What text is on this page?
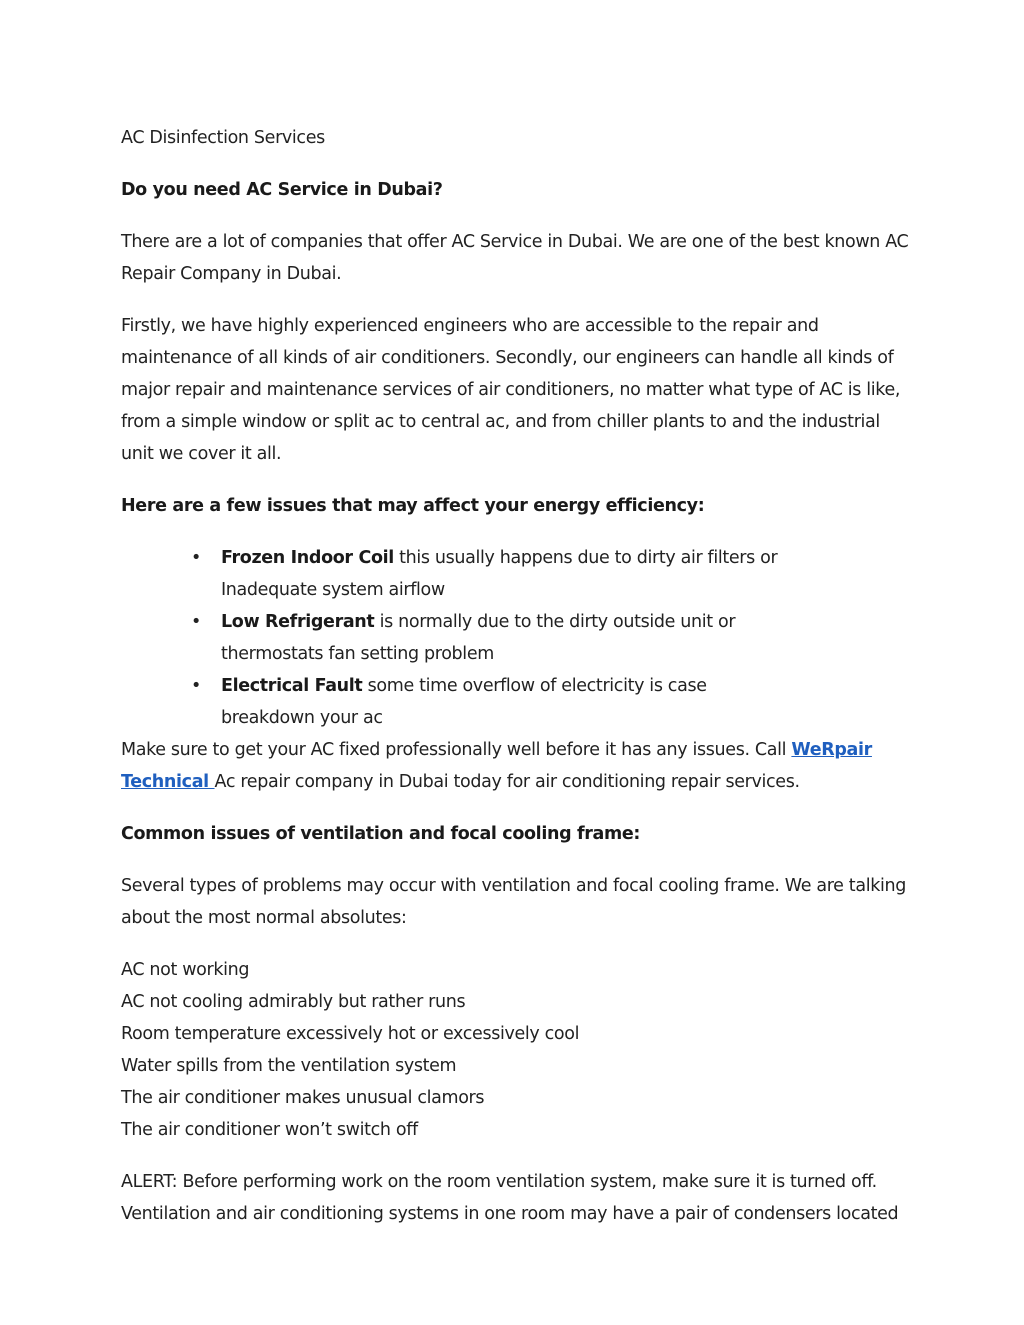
AC Disinfection Services

Do you need AC Service in Dubai?

There are a lot of companies that offer AC Service in Dubai. We are one of the best known AC Repair Company in Dubai.

Firstly, we have highly experienced engineers who are accessible to the repair and maintenance of all kinds of air conditioners. Secondly, our engineers can handle all kinds of major repair and maintenance services of air conditioners, no matter what type of AC is like, from a simple window or split ac to central ac, and from chiller plants to and the industrial unit we cover it all.

Here are a few issues that may affect your energy efficiency:

• Frozen Indoor Coil this usually happens due to dirty air filters or Inadequate system airflow
• Low Refrigerant is normally due to the dirty outside unit or thermostats fan setting problem
• Electrical Fault some time overflow of electricity is case breakdown your ac

Make sure to get your AC fixed professionally well before it has any issues. Call WeRpair Technical Ac repair company in Dubai today for air conditioning repair services.

Common issues of ventilation and focal cooling frame:

Several types of problems may occur with ventilation and focal cooling frame. We are talking about the most normal absolutes:

AC not working
AC not cooling admirably but rather runs
Room temperature excessively hot or excessively cool
Water spills from the ventilation system
The air conditioner makes unusual clamors
The air conditioner won’t switch off

ALERT: Before performing work on the room ventilation system, make sure it is turned off. Ventilation and air conditioning systems in one room may have a pair of condensers located
